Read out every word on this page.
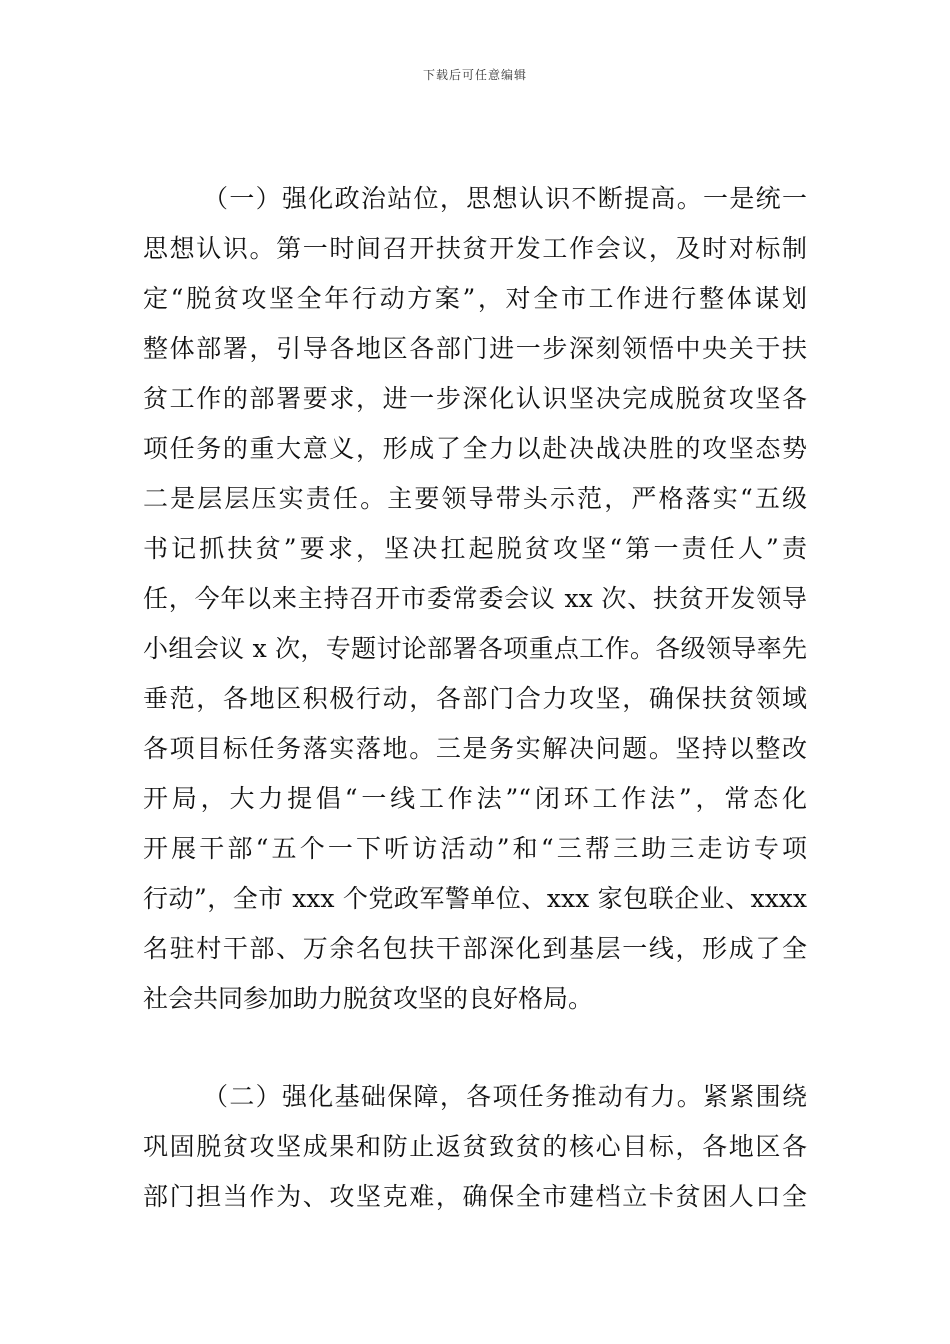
下载后可任意编辑
（一）强化政治站位，思想认识不断提高。一是统一
思想认识。第一时间召开扶贫开发工作会议，及时对标制
定“脱贫攻坚全年行动方案”，对全市工作进行整体谋划
整体部署，引导各地区各部门进一步深刻领悟中央关于扶
贫工作的部署要求，进一步深化认识坚决完成脱贫攻坚各
项任务的重大意义，形成了全力以赴决战决胜的攻坚态势
二是层层压实责任。主要领导带头示范，严格落实“五级
书记抓扶贫”要求，坚决扛起脱贫攻坚“第一责任人”责
任，今年以来主持召开市委常委会议 xx 次、扶贫开发领导
小组会议 x 次，专题讨论部署各项重点工作。各级领导率先
垂范，各地区积极行动，各部门合力攻坚，确保扶贫领域
各项目标任务落实落地。三是务实解决问题。坚持以整改
开局，大力提倡“一线工作法”“闭环工作法”，常态化
开展干部“五个一下听访活动”和“三帮三助三走访专项
行动”，全市 xxx 个党政军警单位、xxx 家包联企业、xxxx
名驻村干部、万余名包扶干部深化到基层一线，形成了全
社会共同参加助力脱贫攻坚的良好格局。
（二）强化基础保障，各项任务推动有力。紧紧围绕
巩固脱贫攻坚成果和防止返贫致贫的核心目标，各地区各
部门担当作为、攻坚克难，确保全市建档立卡贫困人口全
